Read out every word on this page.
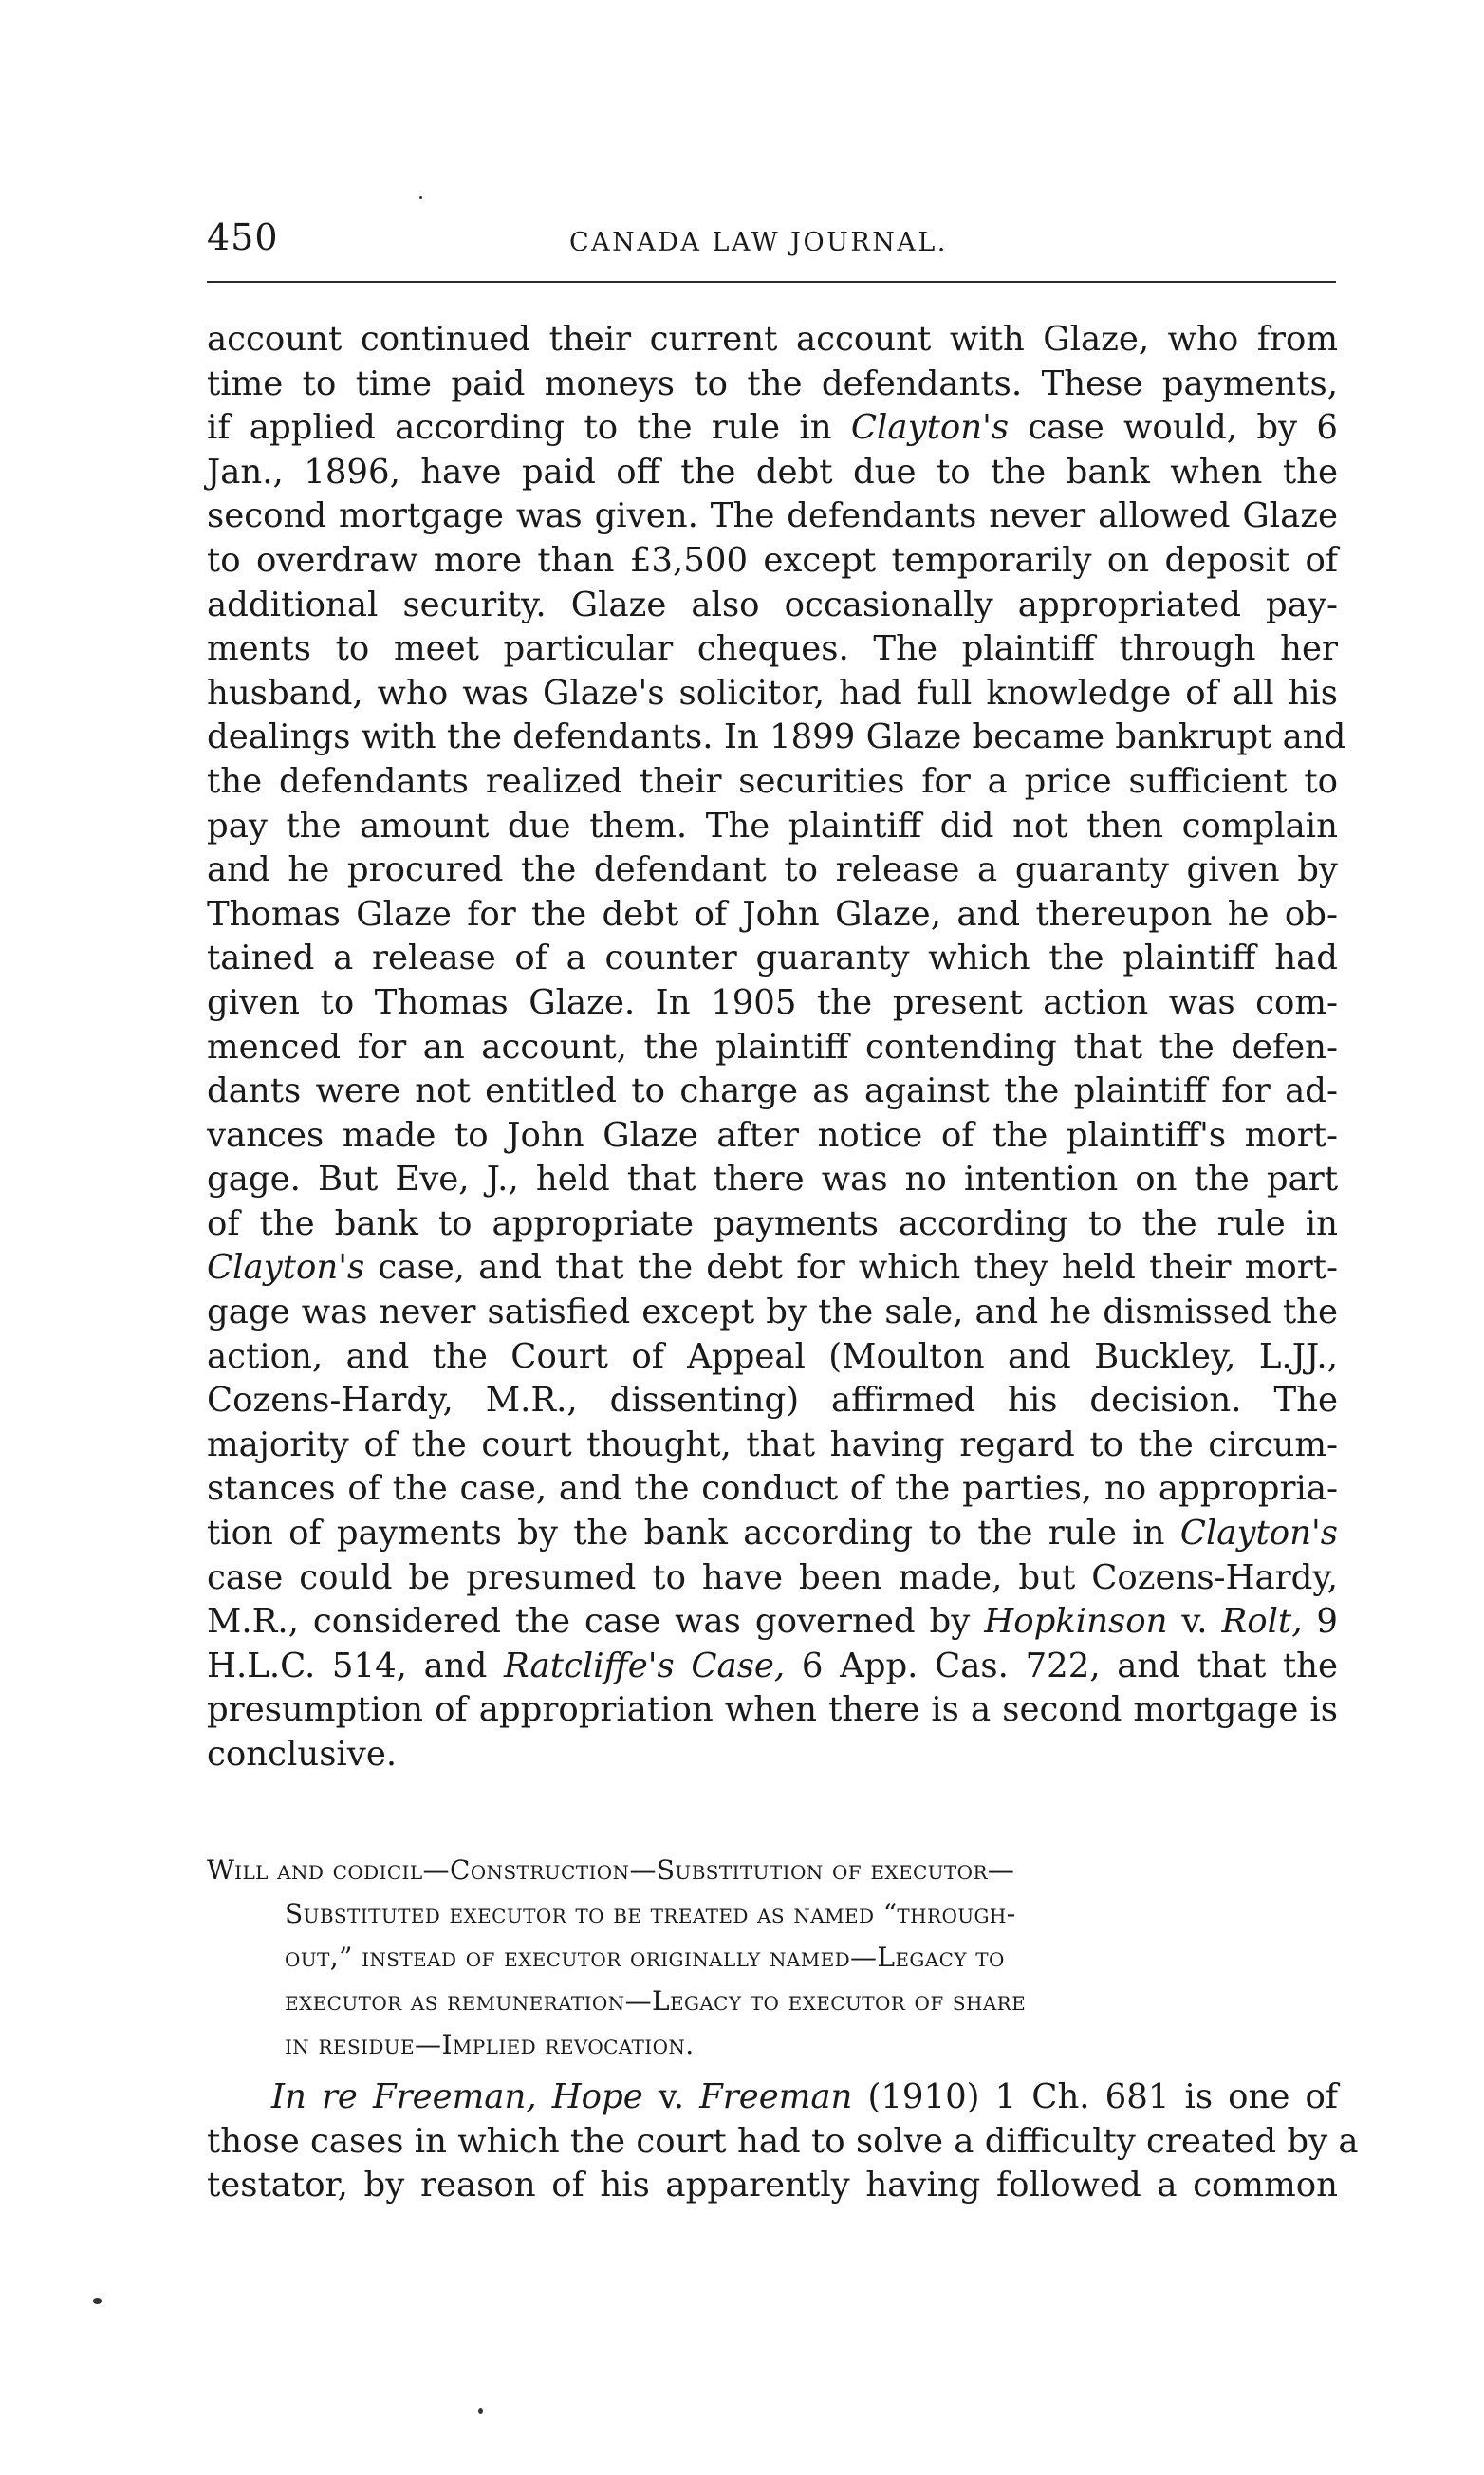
450	CANADA LAW JOURNAL.
account continued their current account with Glaze, who from
time to time paid moneys to the defendants. These payments,
if applied according to the rule in Clayton's case would, by 6
Jan., 1896, have paid off the debt due to the bank when the
second mortgage was given. The defendants never allowed Glaze
to overdraw more than £3,500 except temporarily on deposit of
additional security. Glaze also occasionally appropriated pay-
ments to meet particular cheques. The plaintiff through her
husband, who was Glaze's solicitor, had full knowledge of all his
dealings with the defendants. In 1899 Glaze became bankrupt and
the defendants realized their securities for a price sufficient to
pay the amount due them. The plaintiff did not then complain
and he procured the defendant to release a guaranty given by
Thomas Glaze for the debt of John Glaze, and thereupon he ob-
tained a release of a counter guaranty which the plaintiff had
given to Thomas Glaze. In 1905 the present action was com-
menced for an account, the plaintiff contending that the defen-
dants were not entitled to charge as against the plaintiff for ad-
vances made to John Glaze after notice of the plaintiff's mort-
gage. But Eve, J., held that there was no intention on the part
of the bank to appropriate payments according to the rule in
Clayton's case, and that the debt for which they held their mort-
gage was never satisfied except by the sale, and he dismissed the
action, and the Court of Appeal (Moulton and Buckley, L.JJ.,
Cozens-Hardy, M.R., dissenting) affirmed his decision. The
majority of the court thought, that having regard to the circum-
stances of the case, and the conduct of the parties, no appropria-
tion of payments by the bank according to the rule in Clayton's
case could be presumed to have been made, but Cozens-Hardy,
M.R., considered the case was governed by Hopkinson v. Rolt, 9
H.L.C. 514, and Ratcliffe's Case, 6 App. Cas. 722, and that the
presumption of appropriation when there is a second mortgage is
conclusive.
Will and codicil—Construction—Substitution of executor—
Substituted executor to be treated as named “through-
out,” instead of executor originally named—Legacy to
executor as remuneration—Legacy to executor of share
in residue—Implied revocation.
In re Freeman, Hope v. Freeman (1910) 1 Ch. 681 is one of
those cases in which the court had to solve a difficulty created by a
testator, by reason of his apparently having followed a common
